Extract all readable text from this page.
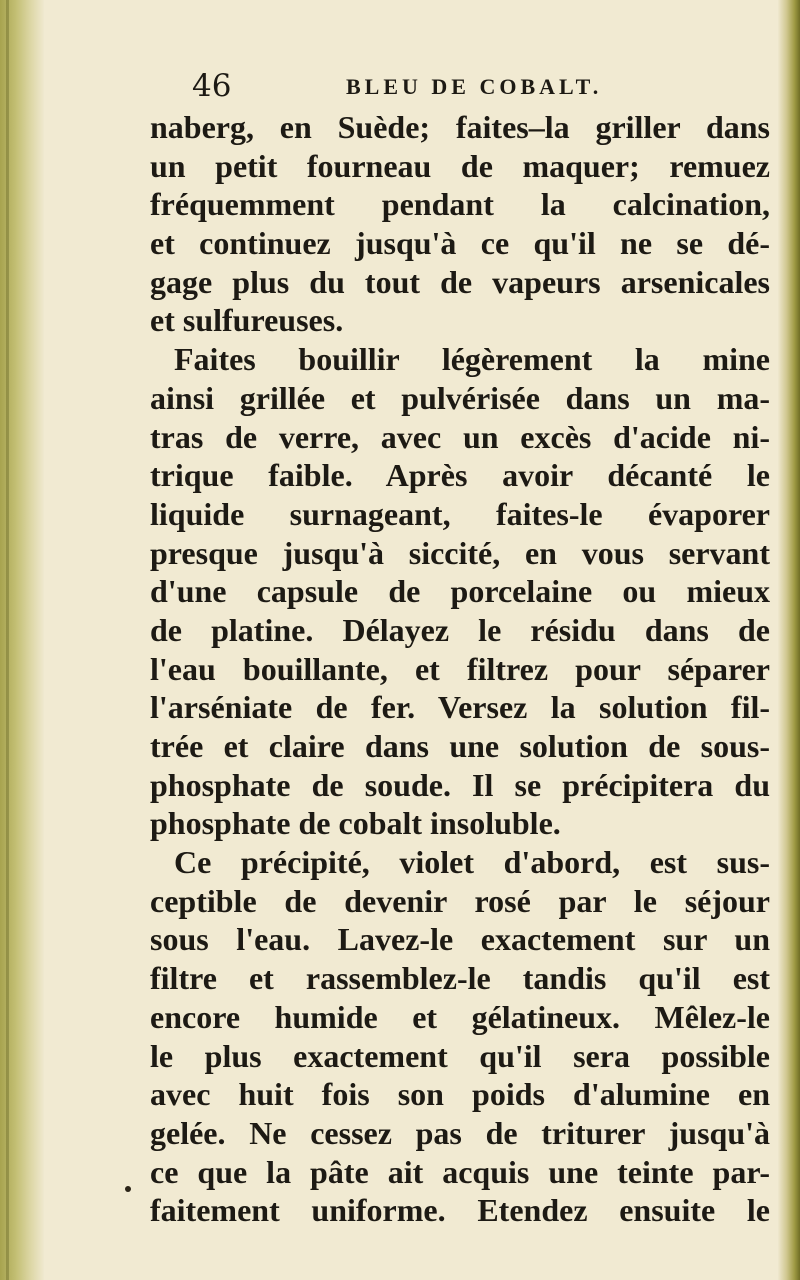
46	BLEU DE COBALT.
naberg, en Suède; faites–la griller dans
un petit fourneau de maquer; remuez
fréquemment pendant la calcination,
et continuez jusqu'à ce qu'il ne se dé-
gage plus du tout de vapeurs arsenicales
et sulfureuses.
Faites bouillir légèrement la mine
ainsi grillée et pulvérisée dans un ma-
tras de verre, avec un excès d'acide ni-
trique faible. Après avoir décanté le
liquide surnageant, faites-le évaporer
presque jusqu'à siccité, en vous servant
d'une capsule de porcelaine ou mieux
de platine. Délayez le résidu dans de
l'eau bouillante, et filtrez pour séparer
l'arséniate de fer. Versez la solution fil-
trée et claire dans une solution de sous-
phosphate de soude. Il se précipitera du
phosphate de cobalt insoluble.
Ce précipité, violet d'abord, est sus-
ceptible de devenir rosé par le séjour
sous l'eau. Lavez-le exactement sur un
filtre et rassemblez-le tandis qu'il est
encore humide et gélatineux. Mêlez-le
le plus exactement qu'il sera possible
avec huit fois son poids d'alumine en
gelée. Ne cessez pas de triturer jusqu'à
ce que la pâte ait acquis une teinte par-
faitement uniforme. Etendez ensuite le
